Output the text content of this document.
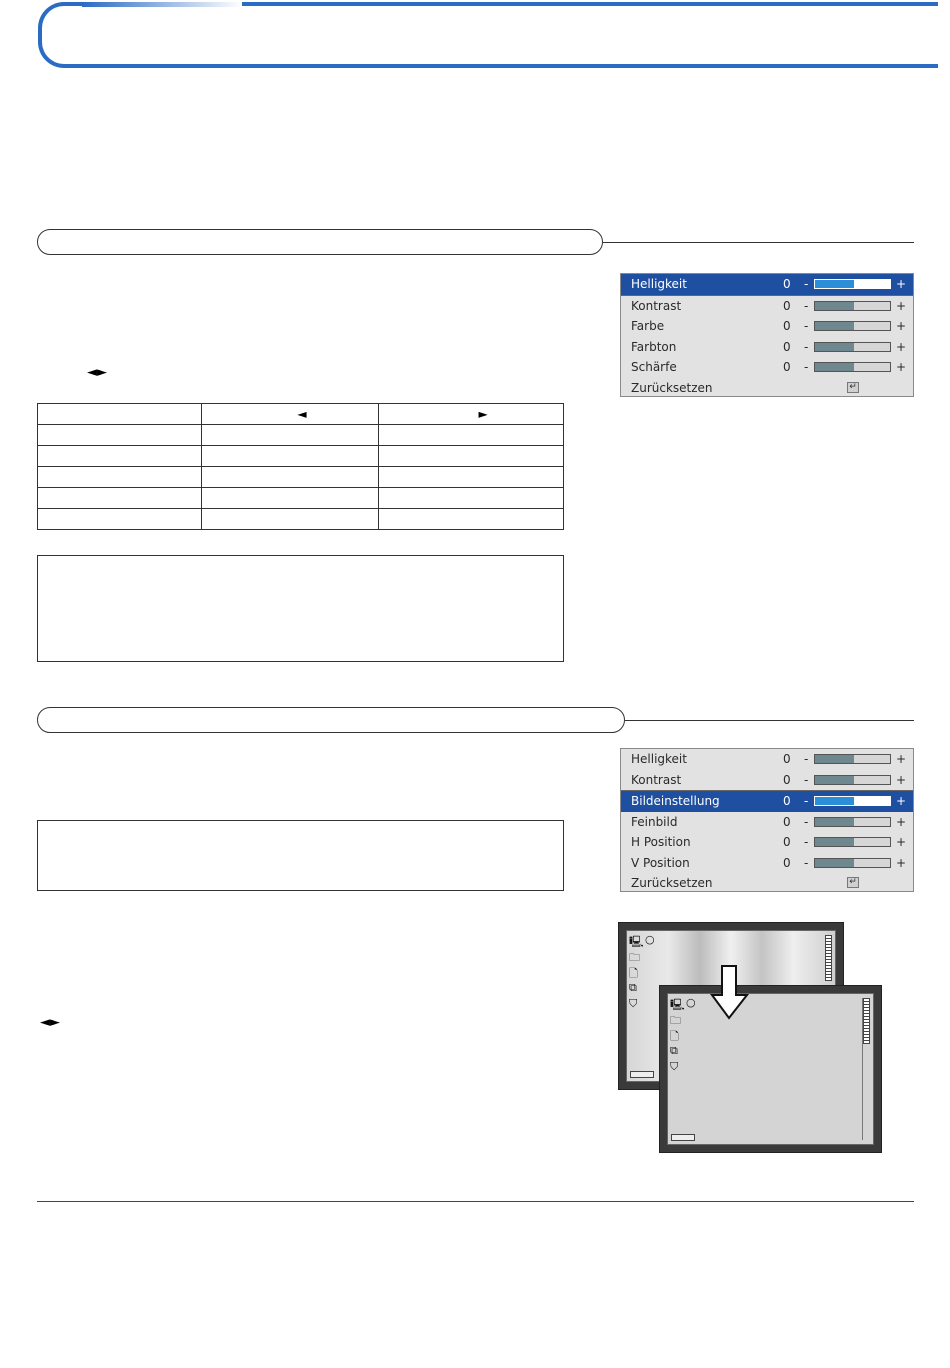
◄►
	◄	►

Helligkeit	0 -	+
Kontrast	0 -	+
Farbe	0 -	+
Farbton	0 -	+
Schärfe	0 -	+
Zurücksetzen	↵
Helligkeit	0 -	+
Kontrast	0 -	+
Bildeinstellung	0 -	+
Feinbild	0 -	+
H Position	0 -	+
V Position	0 -	+
Zurücksetzen	↵
◄►
🖳 ○
🗀
🗋
⧉
⛉	🖳 ○
🗀
🗋
⧉
⛉
